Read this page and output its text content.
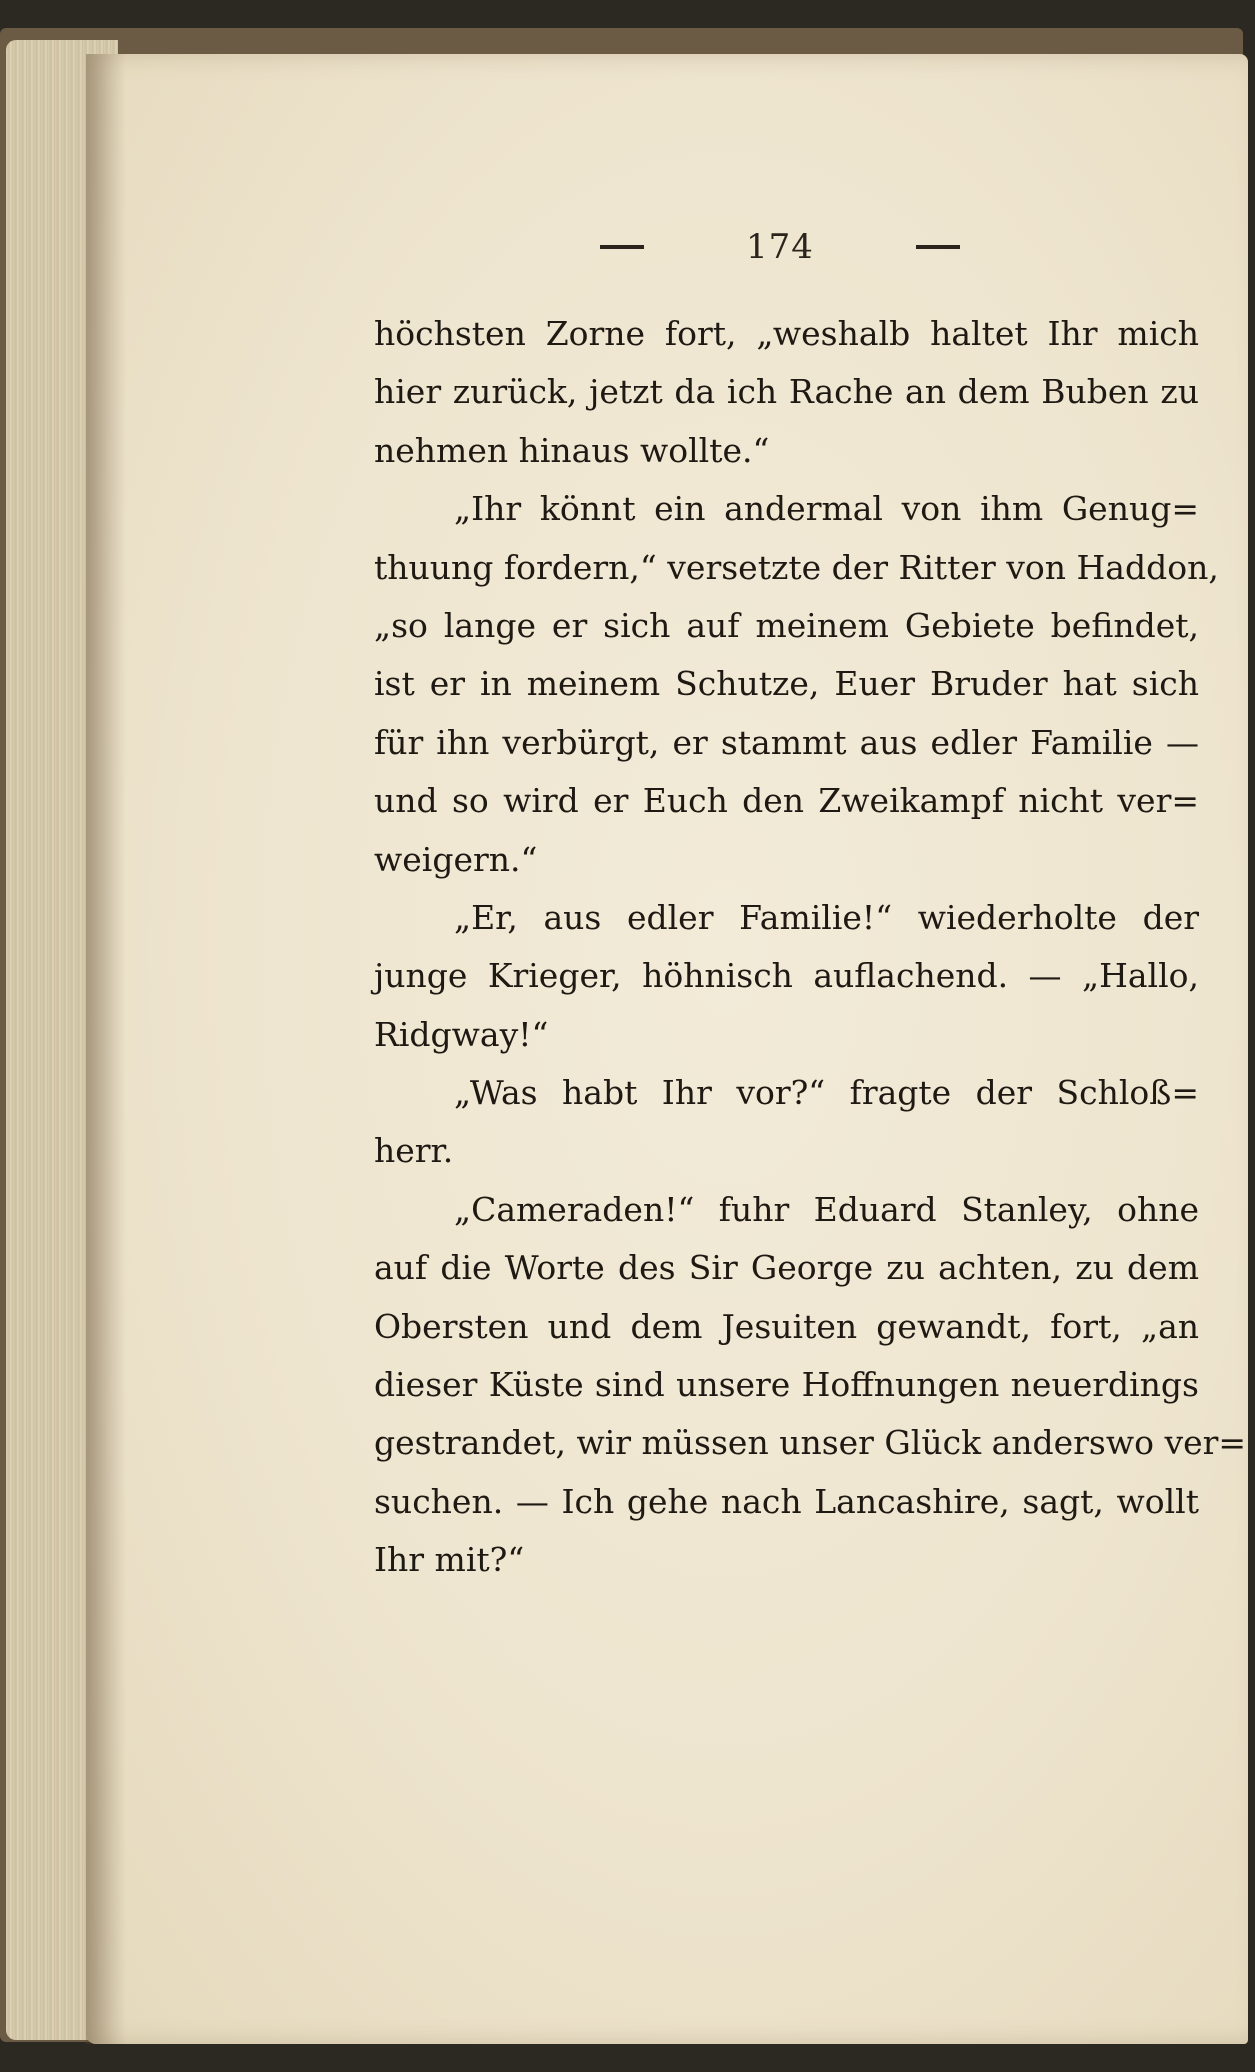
174
höchsten Zorne fort, „weshalb haltet Ihr mich
hier zurück, jetzt da ich Rache an dem Buben zu
nehmen hinaus wollte.“
„Ihr könnt ein andermal von ihm Genug=
thuung fordern,“ versetzte der Ritter von Haddon,
„so lange er sich auf meinem Gebiete befindet,
ist er in meinem Schutze, Euer Bruder hat sich
für ihn verbürgt, er stammt aus edler Familie —
und so wird er Euch den Zweikampf nicht ver=
weigern.“
„Er, aus edler Familie!“ wiederholte der
junge Krieger, höhnisch auflachend. — „Hallo,
Ridgway!“
„Was habt Ihr vor?“ fragte der Schloß=
herr.
„Cameraden!“ fuhr Eduard Stanley, ohne
auf die Worte des Sir George zu achten, zu dem
Obersten und dem Jesuiten gewandt, fort, „an
dieser Küste sind unsere Hoffnungen neuerdings
gestrandet, wir müssen unser Glück anderswo ver=
suchen. — Ich gehe nach Lancashire, sagt, wollt
Ihr mit?“
